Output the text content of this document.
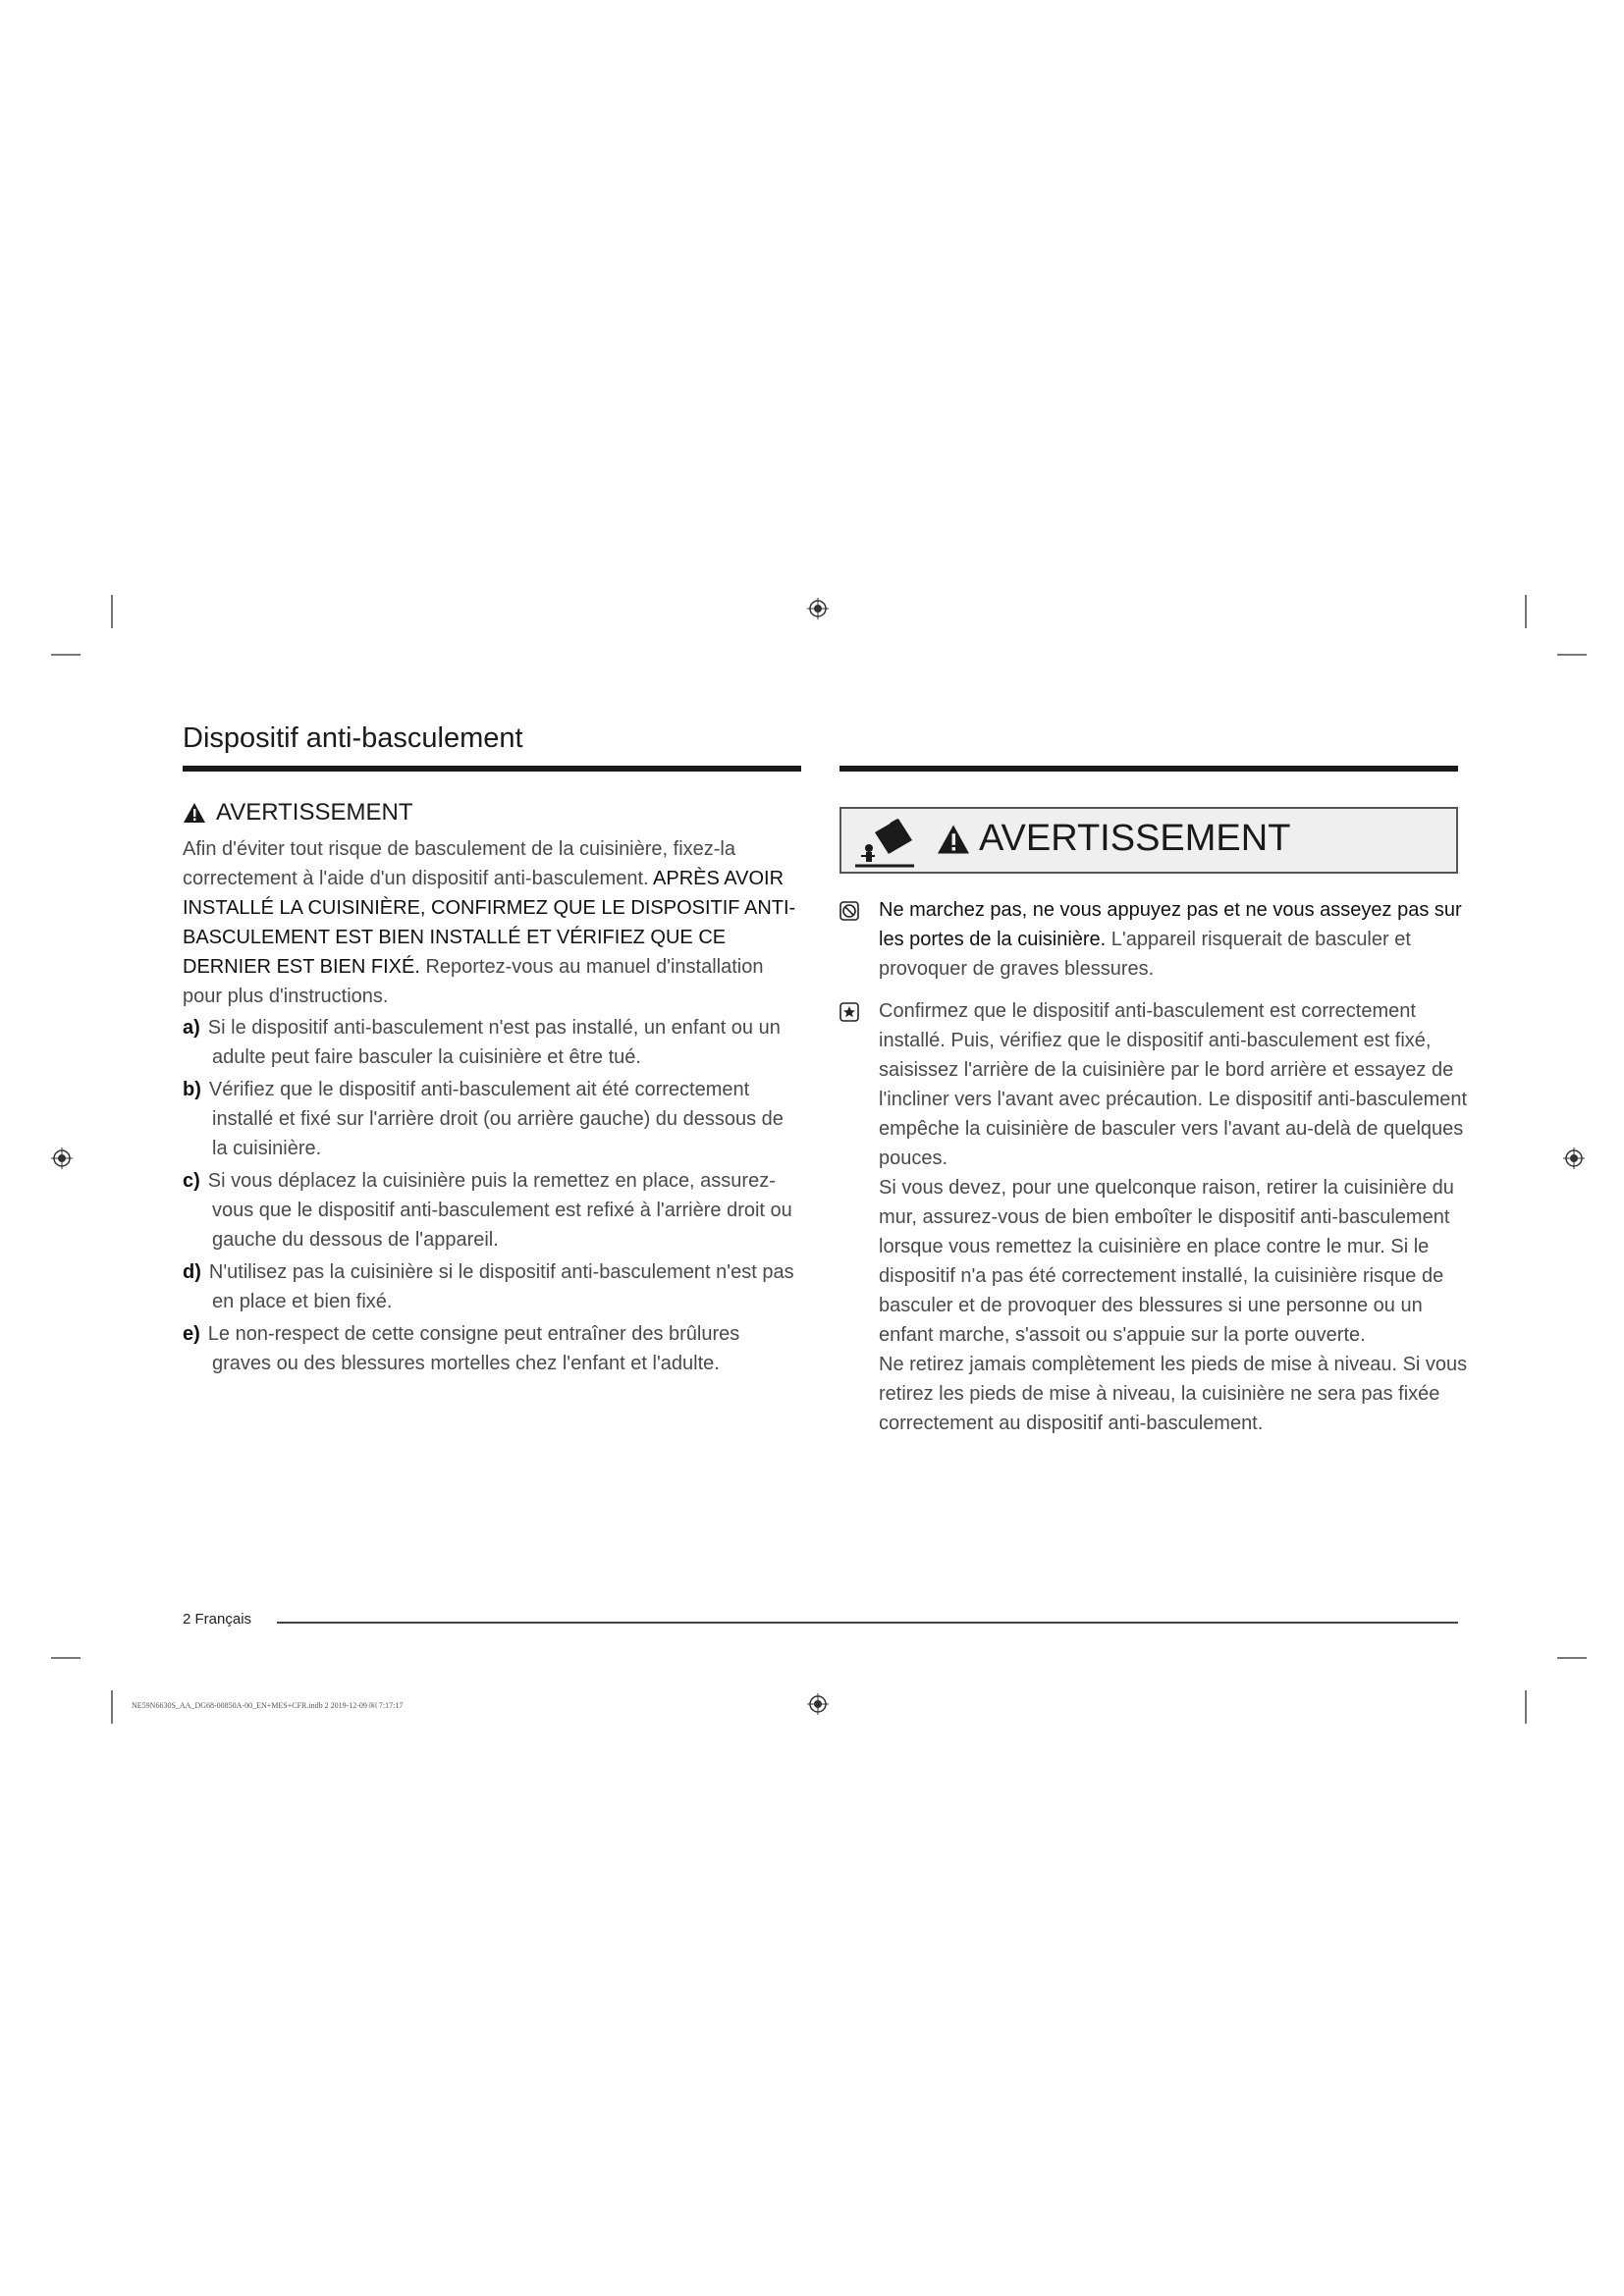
Dispositif anti-basculement
AVERTISSEMENT
Afin d'éviter tout risque de basculement de la cuisinière, fixez-la correctement à l'aide d'un dispositif anti-basculement. APRÈS AVOIR INSTALLÉ LA CUISINIÈRE, CONFIRMEZ QUE LE DISPOSITIF ANTI-BASCULEMENT EST BIEN INSTALLÉ ET VÉRIFIEZ QUE CE DERNIER EST BIEN FIXÉ. Reportez-vous au manuel d'installation pour plus d'instructions.
a) Si le dispositif anti-basculement n'est pas installé, un enfant ou un adulte peut faire basculer la cuisinière et être tué.
b) Vérifiez que le dispositif anti-basculement ait été correctement installé et fixé sur l'arrière droit (ou arrière gauche) du dessous de la cuisinière.
c) Si vous déplacez la cuisinière puis la remettez en place, assurez-vous que le dispositif anti-basculement est refixé à l'arrière droit ou gauche du dessous de l'appareil.
d) N'utilisez pas la cuisinière si le dispositif anti-basculement n'est pas en place et bien fixé.
e) Le non-respect de cette consigne peut entraîner des brûlures graves ou des blessures mortelles chez l'enfant et l'adulte.
AVERTISSEMENT
Ne marchez pas, ne vous appuyez pas et ne vous asseyez pas sur les portes de la cuisinière. L'appareil risquerait de basculer et provoquer de graves blessures.
Confirmez que le dispositif anti-basculement est correctement installé. Puis, vérifiez que le dispositif anti-basculement est fixé, saisissez l'arrière de la cuisinière par le bord arrière et essayez de l'incliner vers l'avant avec précaution. Le dispositif anti-basculement empêche la cuisinière de basculer vers l'avant au-delà de quelques pouces.
Si vous devez, pour une quelconque raison, retirer la cuisinière du mur, assurez-vous de bien emboîter le dispositif anti-basculement lorsque vous remettez la cuisinière en place contre le mur. Si le dispositif n'a pas été correctement installé, la cuisinière risque de basculer et de provoquer des blessures si une personne ou un enfant marche, s'assoit ou s'appuie sur la porte ouverte.
Ne retirez jamais complètement les pieds de mise à niveau. Si vous retirez les pieds de mise à niveau, la cuisinière ne sera pas fixée correctement au dispositif anti-basculement.
2 Français
NE59N6630S_AA_DG68-00850A-00_EN+MES+CFR.indb 2 2019-12-09 ￼ 7:17:17
